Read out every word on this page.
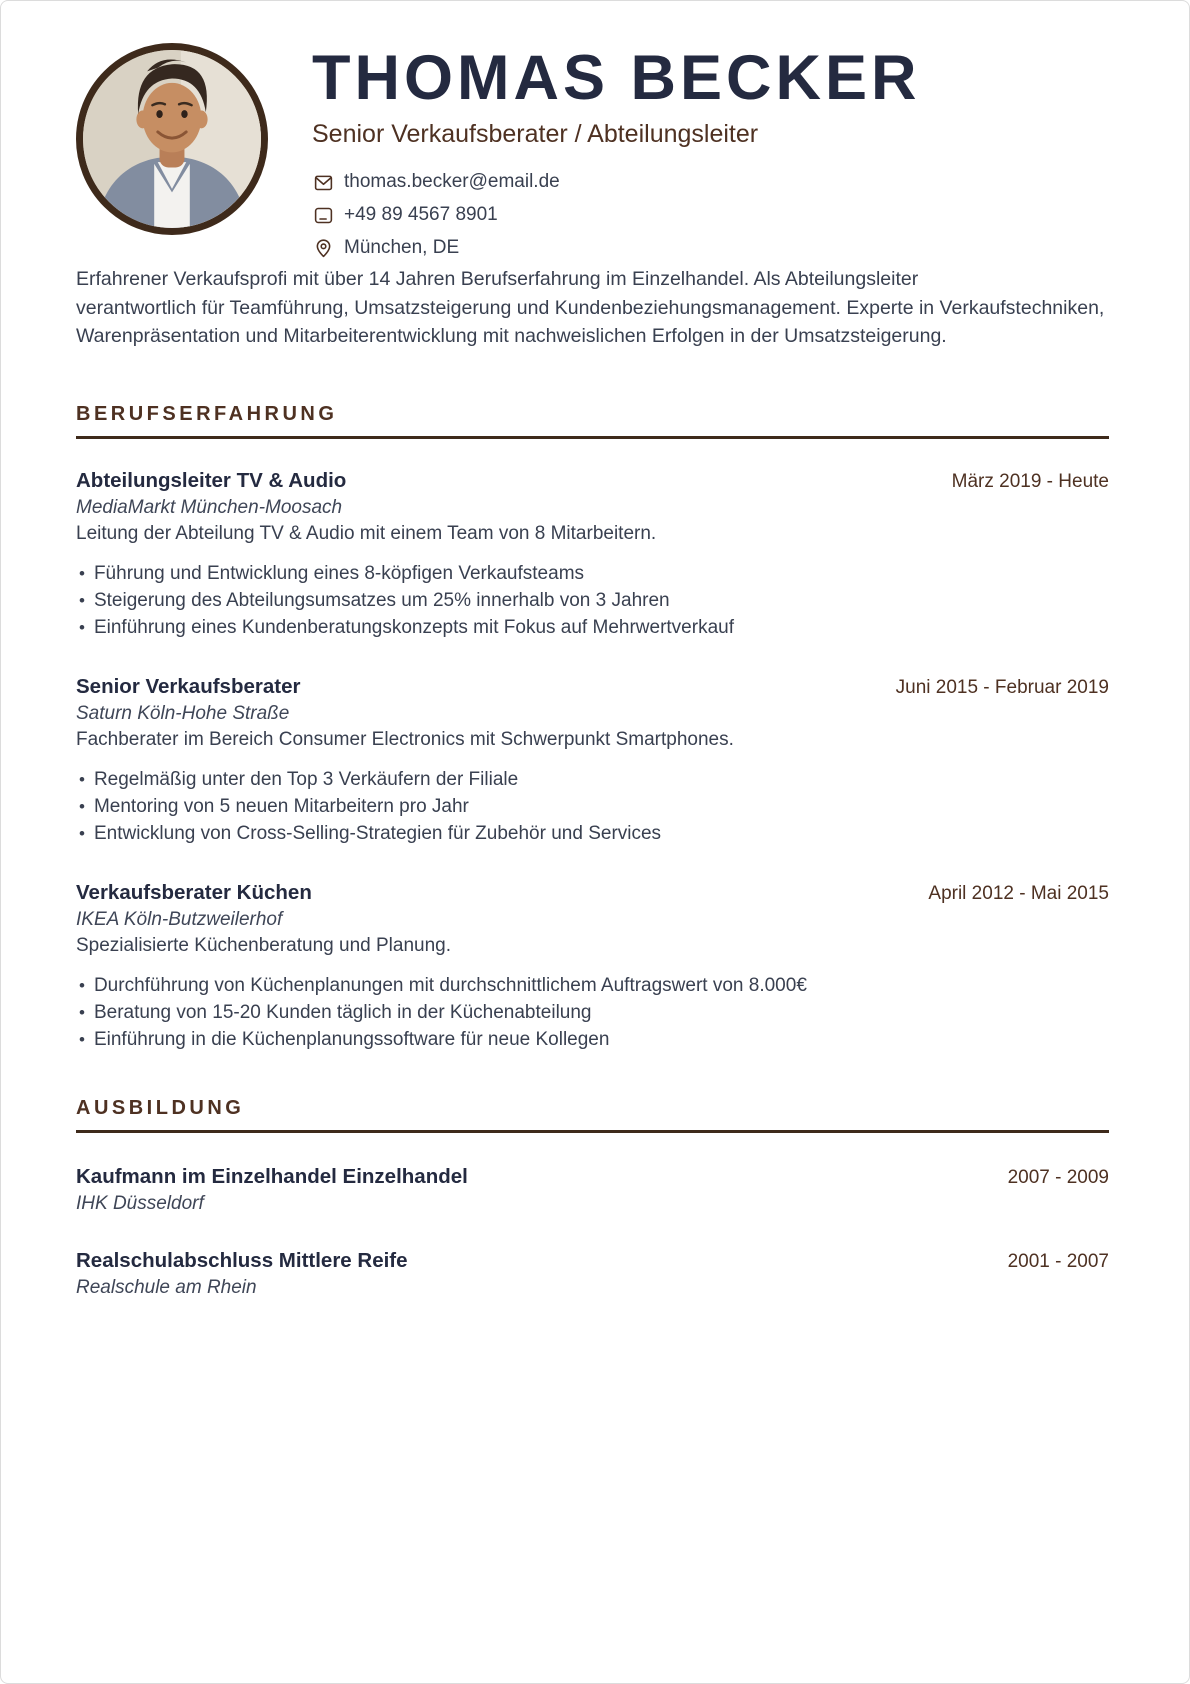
THOMAS BECKER
Senior Verkaufsberater / Abteilungsleiter
thomas.becker@email.de
+49 89 4567 8901
München, DE
Erfahrener Verkaufsprofi mit über 14 Jahren Berufserfahrung im Einzelhandel. Als Abteilungsleiter
verantwortlich für Teamführung, Umsatzsteigerung und Kundenbeziehungsmanagement. Experte in Verkaufstechniken,
Warenpräsentation und Mitarbeiterentwicklung mit nachweislichen Erfolgen in der Umsatzsteigerung.
BERUFSERFAHRUNG
Abteilungsleiter TV & Audio	März 2019 - Heute
MediaMarkt München-Moosach
Leitung der Abteilung TV & Audio mit einem Team von 8 Mitarbeitern.
• Führung und Entwicklung eines 8-köpfigen Verkaufsteams
• Steigerung des Abteilungsumsatzes um 25% innerhalb von 3 Jahren
• Einführung eines Kundenberatungskonzepts mit Fokus auf Mehrwertverkauf
Senior Verkaufsberater	Juni 2015 - Februar 2019
Saturn Köln-Hohe Straße
Fachberater im Bereich Consumer Electronics mit Schwerpunkt Smartphones.
• Regelmäßig unter den Top 3 Verkäufern der Filiale
• Mentoring von 5 neuen Mitarbeitern pro Jahr
• Entwicklung von Cross-Selling-Strategien für Zubehör und Services
Verkaufsberater Küchen	April 2012 - Mai 2015
IKEA Köln-Butzweilerhof
Spezialisierte Küchenberatung und Planung.
• Durchführung von Küchenplanungen mit durchschnittlichem Auftragswert von 8.000€
• Beratung von 15-20 Kunden täglich in der Küchenabteilung
• Einführung in die Küchenplanungssoftware für neue Kollegen
AUSBILDUNG
Kaufmann im Einzelhandel Einzelhandel	2007 - 2009
IHK Düsseldorf
Realschulabschluss Mittlere Reife	2001 - 2007
Realschule am Rhein
